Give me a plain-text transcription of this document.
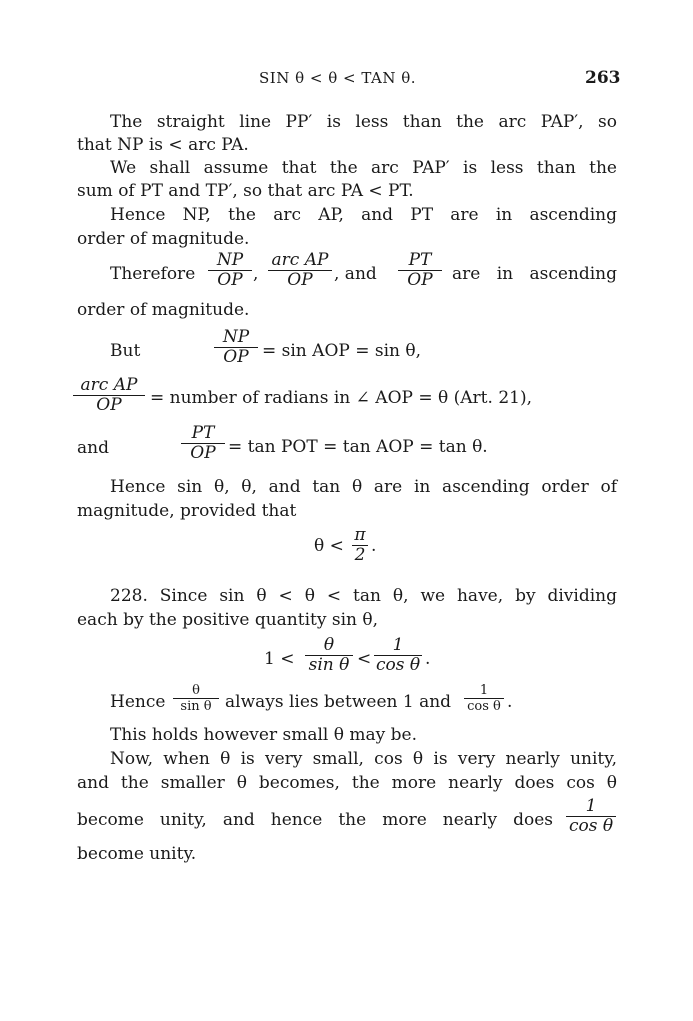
SIN θ < θ < TAN θ.	263
The straight line PP′ is less than the arc PAP′, so
that NP is < arc PA.
We shall assume that the arc PAP′ is less than the
sum of PT and TP′, so that arc PA < PT.
Hence NP, the arc AP, and PT are in ascending
order of magnitude.
Therefore
NP
OP ,
arc AP
OP	, and
PT
OP	are in ascending
order of magnitude.
But
NP
OP = sin AOP = sin θ,
arc AP
OP	= number of radians in ∠ AOP = θ (Art. 21),
and
PT
OP = tan POT = tan AOP = tan θ.
Hence sin θ, θ, and tan θ are in ascending order of
magnitude, provided that
θ <
π
2 .
228. Since sin θ < θ < tan θ, we have, by dividing
each by the positive quantity sin θ,
1 <
θ
sin θ <
1
cos θ .
Hence
θ
sin θ always lies between 1 and
1
cos θ .
This holds however small θ may be.
Now, when θ is very small, cos θ is very nearly unity,
and the smaller θ becomes, the more nearly does cos θ
become unity, and hence the more nearly does
1
cos θ
become unity.
